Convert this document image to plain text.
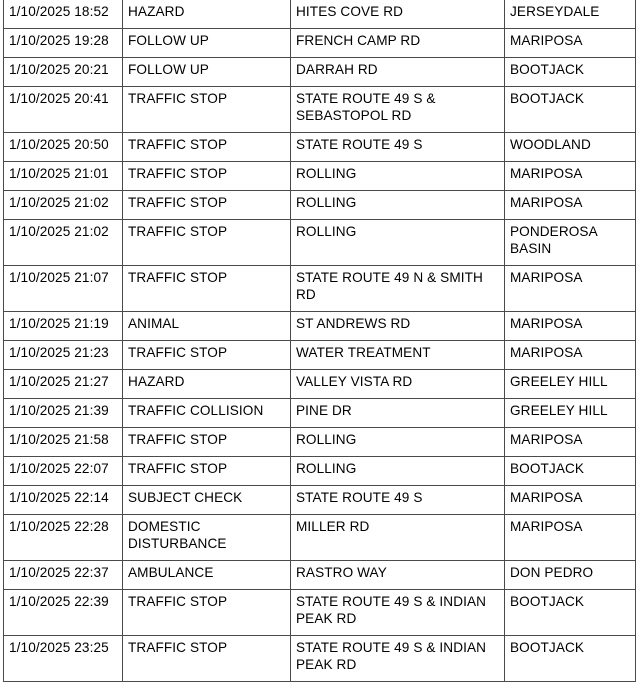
1/10/2025 18:52	HAZARD	HITES COVE RD	JERSEYDALE
1/10/2025 19:28	FOLLOW UP	FRENCH CAMP RD	MARIPOSA
1/10/2025 20:21	FOLLOW UP	DARRAH RD	BOOTJACK
1/10/2025 20:41	TRAFFIC STOP	STATE ROUTE 49 S & SEBASTOPOL RD	BOOTJACK
1/10/2025 20:50	TRAFFIC STOP	STATE ROUTE 49 S	WOODLAND
1/10/2025 21:01	TRAFFIC STOP	ROLLING	MARIPOSA
1/10/2025 21:02	TRAFFIC STOP	ROLLING	MARIPOSA
1/10/2025 21:02	TRAFFIC STOP	ROLLING	PONDEROSA BASIN
1/10/2025 21:07	TRAFFIC STOP	STATE ROUTE 49 N & SMITH RD	MARIPOSA
1/10/2025 21:19	ANIMAL	ST ANDREWS RD	MARIPOSA
1/10/2025 21:23	TRAFFIC STOP	WATER TREATMENT	MARIPOSA
1/10/2025 21:27	HAZARD	VALLEY VISTA RD	GREELEY HILL
1/10/2025 21:39	TRAFFIC COLLISION	PINE DR	GREELEY HILL
1/10/2025 21:58	TRAFFIC STOP	ROLLING	MARIPOSA
1/10/2025 22:07	TRAFFIC STOP	ROLLING	BOOTJACK
1/10/2025 22:14	SUBJECT CHECK	STATE ROUTE 49 S	MARIPOSA
1/10/2025 22:28	DOMESTIC DISTURBANCE	MILLER RD	MARIPOSA
1/10/2025 22:37	AMBULANCE	RASTRO WAY	DON PEDRO
1/10/2025 22:39	TRAFFIC STOP	STATE ROUTE 49 S & INDIAN PEAK RD	BOOTJACK
1/10/2025 23:25	TRAFFIC STOP	STATE ROUTE 49 S & INDIAN PEAK RD	BOOTJACK
